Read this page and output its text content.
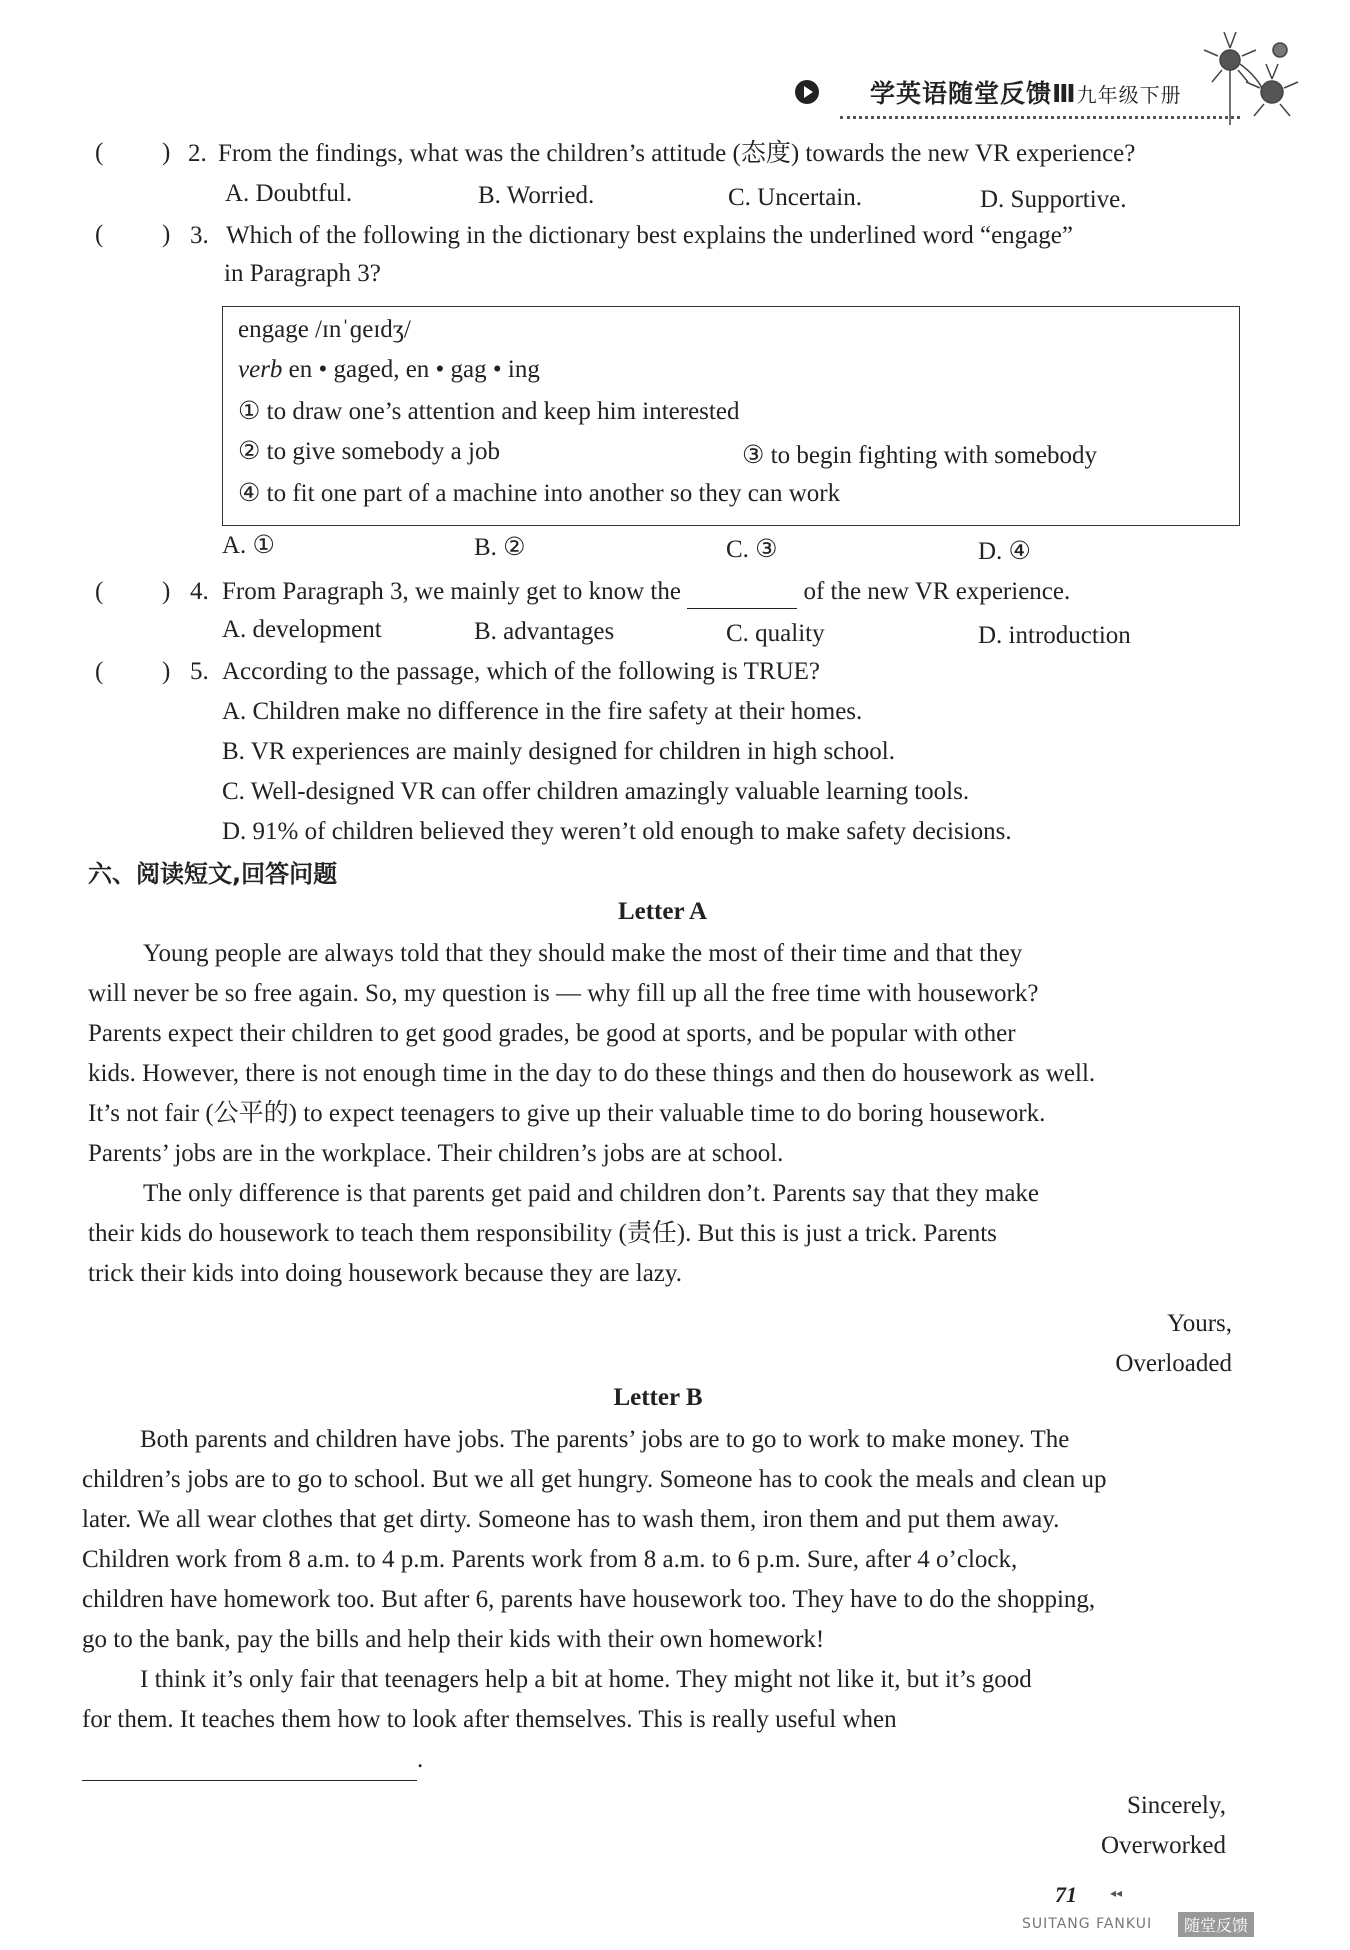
学英语随堂反馈Ⅲ九年级下册
( ) 2. From the findings, what was the children’s attitude (态度) towards the new VR experience?
A. Doubtful.	B. Worried.	C. Uncertain.	D. Supportive.
( ) 3. Which of the following in the dictionary best explains the underlined word “engage”
in Paragraph 3?
engage /ɪnˈɡeɪdʒ/
verb en • gaged, en • gag • ing
① to draw one’s attention and keep him interested
② to give somebody a job	③ to begin fighting with somebody
④ to fit one part of a machine into another so they can work
A. ①	B. ②	C. ③	D. ④
( ) 4. From Paragraph 3, we mainly get to know the	of the new VR experience.
A. development	B. advantages	C. quality	D. introduction
( ) 5. According to the passage, which of the following is TRUE?
A. Children make no difference in the fire safety at their homes.
B. VR experiences are mainly designed for children in high school.
C. Well-designed VR can offer children amazingly valuable learning tools.
D. 91% of children believed they weren’t old enough to make safety decisions.
六、阅读短文,回答问题
Letter A
Young people are always told that they should make the most of their time and that they
will never be so free again. So, my question is — why fill up all the free time with housework?
Parents expect their children to get good grades, be good at sports, and be popular with other
kids. However, there is not enough time in the day to do these things and then do housework as well.
It’s not fair (公平的) to expect teenagers to give up their valuable time to do boring housework.
Parents’ jobs are in the workplace. Their children’s jobs are at school.
The only difference is that parents get paid and children don’t. Parents say that they make
their kids do housework to teach them responsibility (责任). But this is just a trick. Parents
trick their kids into doing housework because they are lazy.
Yours,
Overloaded
Letter B
Both parents and children have jobs. The parents’ jobs are to go to work to make money. The
children’s jobs are to go to school. But we all get hungry. Someone has to cook the meals and clean up
later. We all wear clothes that get dirty. Someone has to wash them, iron them and put them away.
Children work from 8 a.m. to 4 p.m. Parents work from 8 a.m. to 6 p.m. Sure, after 4 o’clock,
children have homework too. But after 6, parents have housework too. They have to do the shopping,
go to the bank, pay the bills and help their kids with their own homework!
I think it’s only fair that teenagers help a bit at home. They might not like it, but it’s good
for them. It teaches them how to look after themselves. This is really useful when
.
Sincerely,
Overworked
71	◂◂
SUITANG FANKUI	随堂反馈
